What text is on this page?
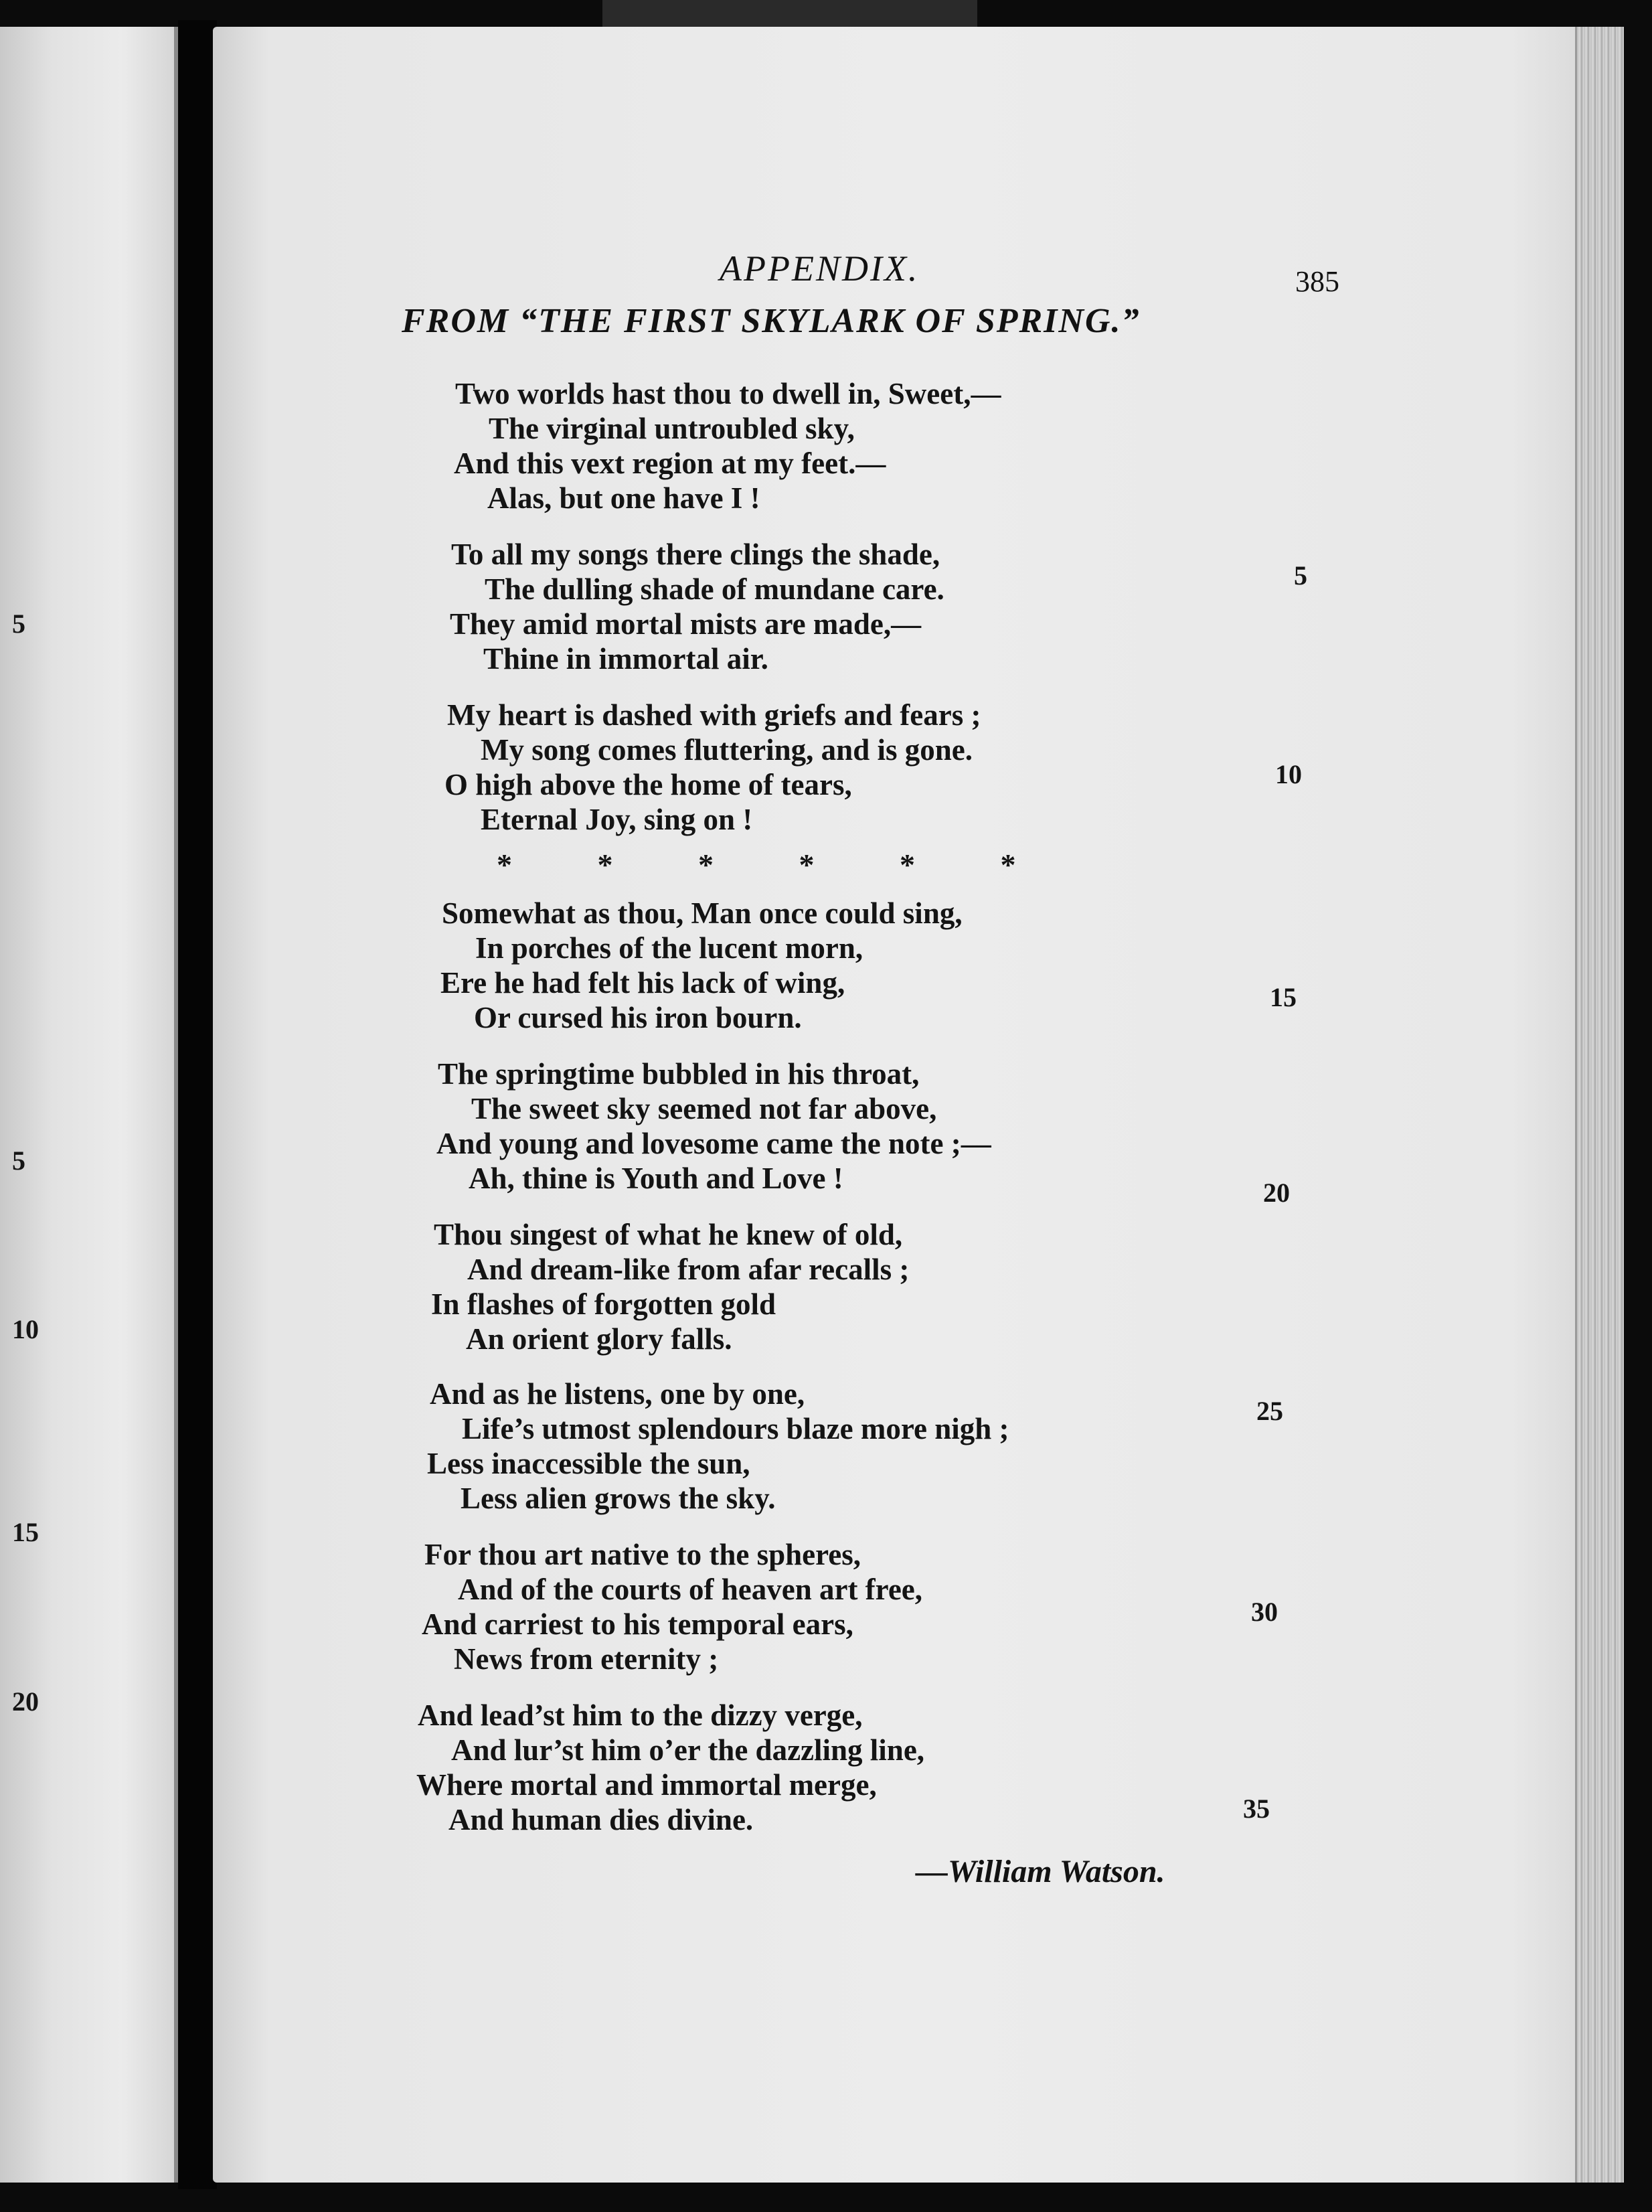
5
5
10
15
20
APPENDIX.	385
FROM “THE FIRST SKYLARK OF SPRING.”
Two worlds hast thou to dwell in, Sweet,—
The virginal untroubled sky,
And this vext region at my feet.—
Alas, but one have I !
To all my songs there clings the shade,
The dulling shade of mundane care.
They amid mortal mists are made,—
Thine in immortal air.
My heart is dashed with griefs and fears ;
My song comes fluttering, and is gone.
O high above the home of tears,
Eternal Joy, sing on !
* * * * * *
Somewhat as thou, Man once could sing,
In porches of the lucent morn,
Ere he had felt his lack of wing,
Or cursed his iron bourn.
The springtime bubbled in his throat,
The sweet sky seemed not far above,
And young and lovesome came the note ;—
Ah, thine is Youth and Love !
Thou singest of what he knew of old,
And dream-like from afar recalls ;
In flashes of forgotten gold
An orient glory falls.
And as he listens, one by one,
Life’s utmost splendours blaze more nigh ;
Less inaccessible the sun,
Less alien grows the sky.
For thou art native to the spheres,
And of the courts of heaven art free,
And carriest to his temporal ears,
News from eternity ;
And lead’st him to the dizzy verge,
And lur’st him o’er the dazzling line,
Where mortal and immortal merge,
And human dies divine.
5
10
15
20
25
30
35
—William Watson.
